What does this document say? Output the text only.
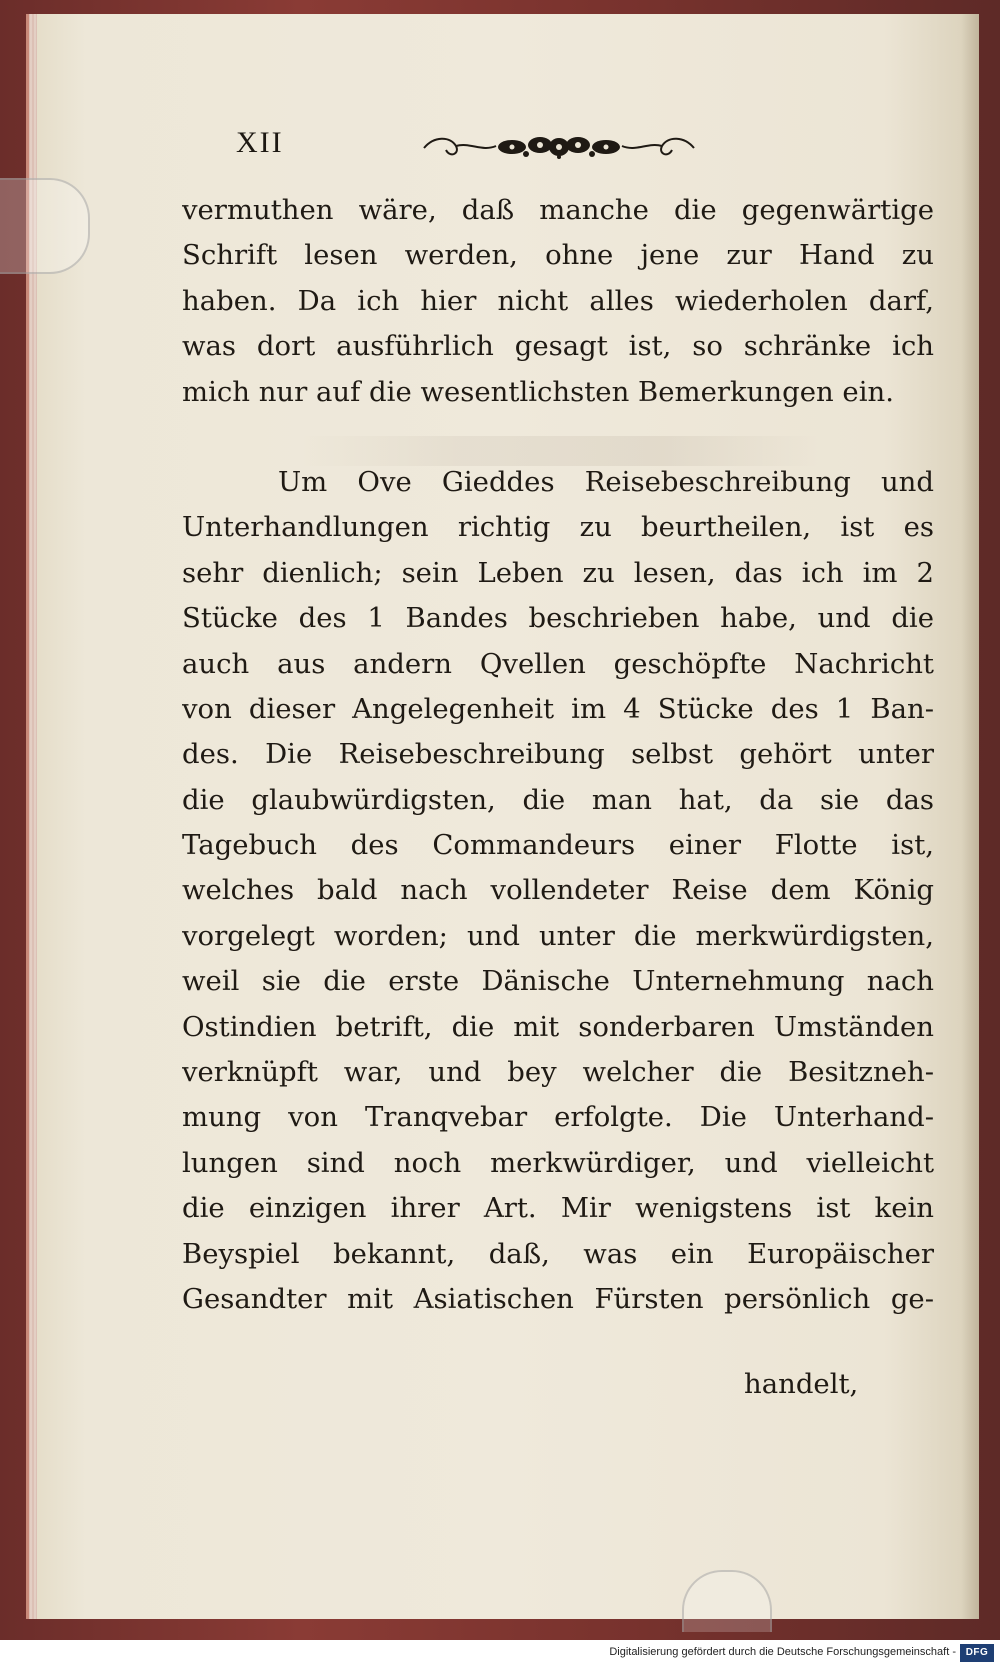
XII
vermuthen wäre, daß manche die gegenwärtige
Schrift lesen werden, ohne jene zur Hand zu
haben. Da ich hier nicht alles wiederholen darf,
was dort ausführlich gesagt ist, so schränke ich
mich nur auf die wesentlichsten Bemerkungen ein.
Um Ove Gieddes Reisebeschreibung und
Unterhandlungen richtig zu beurtheilen, ist es
sehr dienlich; sein Leben zu lesen, das ich im 2
Stücke des 1 Bandes beschrieben habe, und die
auch aus andern Qvellen geschöpfte Nachricht
von dieser Angelegenheit im 4 Stücke des 1 Ban-
des. Die Reisebeschreibung selbst gehört unter
die glaubwürdigsten, die man hat, da sie das
Tagebuch des Commandeurs einer Flotte ist,
welches bald nach vollendeter Reise dem König
vorgelegt worden; und unter die merkwürdigsten,
weil sie die erste Dänische Unternehmung nach
Ostindien betrift, die mit sonderbaren Umständen
verknüpft war, und bey welcher die Besitzneh-
mung von Tranqvebar erfolgte. Die Unterhand-
lungen sind noch merkwürdiger, und vielleicht
die einzigen ihrer Art. Mir wenigstens ist kein
Beyspiel bekannt, daß, was ein Europäischer
Gesandter mit Asiatischen Fürsten persönlich ge-
handelt,
Digitalisierung gefördert durch die Deutsche Forschungsgemeinschaft - DFG
